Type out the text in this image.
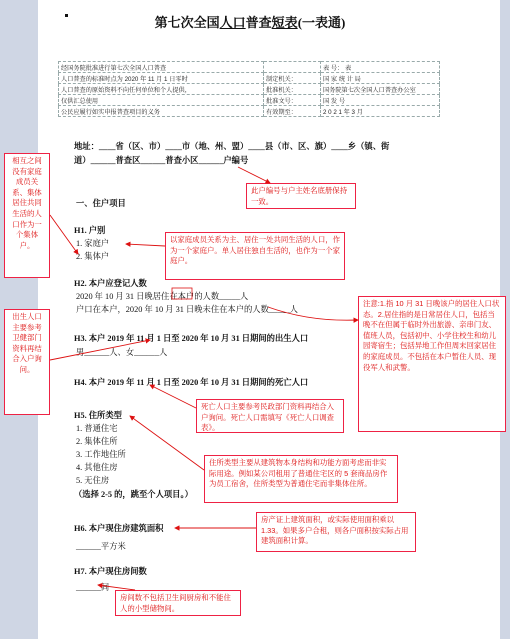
第七次全国人口普查短表(一表通)
经国务院批准进行第七次全国人口普查		表 号： 表
人口普查的标准时点为 2020 年 11 月 1 日零时	制定机关：	国 家 统 计 局
人口普查的原始资料不向任何单位和个人提供，	批准机关：	国务院第七次全国人口普查办公室
仅供汇总使用	批准文号：	国 发 号
公民应履行如实申报普查项目的义务	有效期至：	2 0 2 1 年 3 月
地址：____省（区、市）____市（地、州、盟）____县（市、区、旗）____乡（镇、街
道）______普查区______普查小区______户编号
一、住户项目
H1. 户别
1. 家庭户
2. 集体户
H2. 本户应登记人数
2020 年 10 月 31 日晚居住在本户的人数_____人
户口在本户，2020 年 10 月 31 日晚未住在本户的人数_____人
H3. 本户 2019 年 11 月 1 日至 2020 年 10 月 31 日期间的出生人口
男______人、女______人
H4. 本户 2019 年 11 月 1 日至 2020 年 10 月 31 日期间的死亡人口
H5. 住所类型
1. 普通住宅
2. 集体住所
3. 工作地住所
4. 其他住房
5. 无住房
（选择 2-5 的，跳至个人项目。）
H6. 本户现住房建筑面积
______平方米
H7. 本户现住房间数
______间
相互之间没有家庭成员关系、集体居住共同生活的人口作为一个集体户。
出生人口主要参考卫健部门资料再结合入户询问。
此户编号与户主姓名底册保持一致。
以家庭成员关系为主、居住一处共同生活的人口，作为一个家庭户。单人居住独自生活的，也作为一个家庭户。
注意:1.指 10 月 31 日晚该户的居住人口状态。2.居住指的是日常居住人口，包括当晚不在但属于临时外出旅游、亲串门友、值班人员，包括初中、小学住校生和幼儿园寄宿生；包括异地工作但周末回家居住的家庭成员。不包括在本户暂住人员、现役军人和武警。
死亡人口主要参考民政部门资料再结合入户询问。死亡人口需填写《死亡人口调查表》。
住所类型主要从建筑物本身结构和功能方面考虑而非实际用途。例如某公司租用了普通住宅区的 5 套商品房作为员工宿舍，住所类型为普通住宅而非集体住所。
房产证上建筑面积，或实际使用面积乘以 1.33。如果多户合租，则各户面积按实际占用建筑面积计算。
房间数不包括卫生间厨房和不能住人的小型储物间。
